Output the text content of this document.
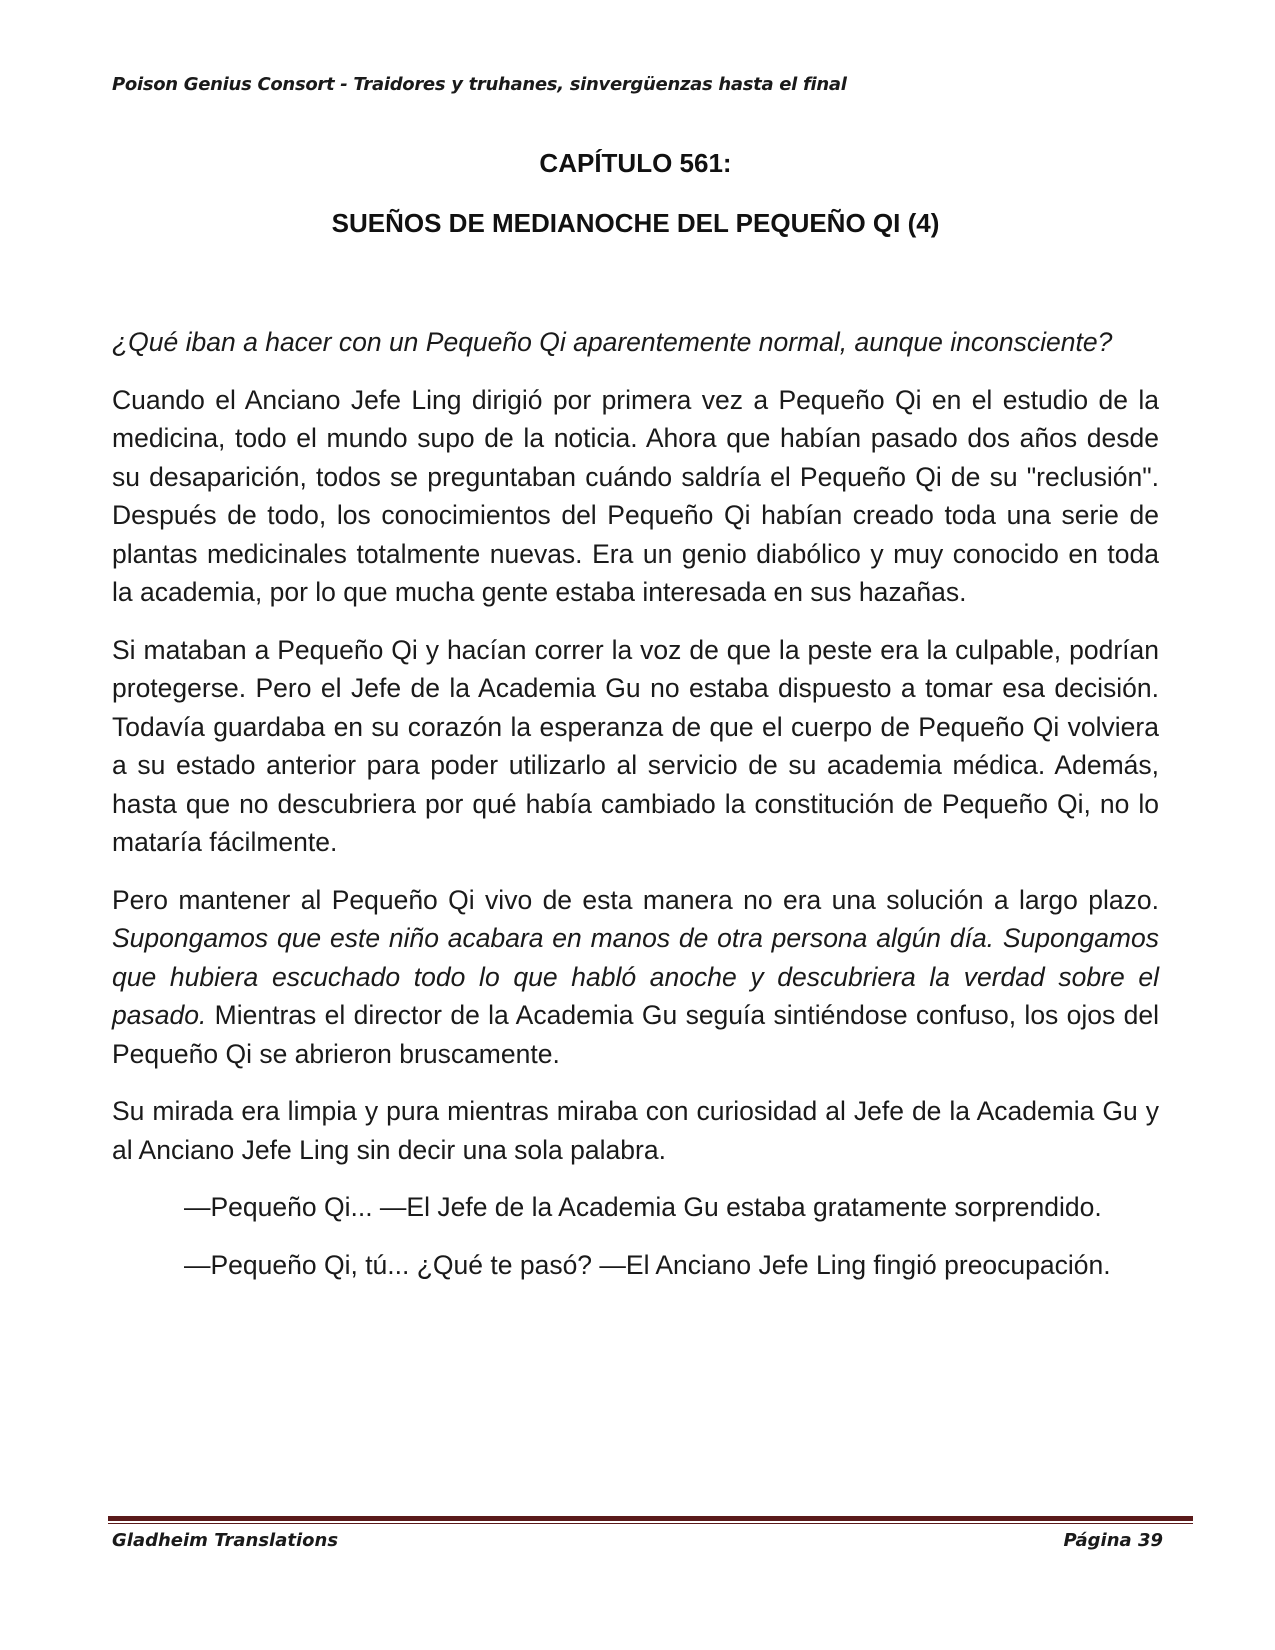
Poison Genius Consort - Traidores y truhanes, sinvergüenzas hasta el final
CAPÍTULO 561:
SUEÑOS DE MEDIANOCHE DEL PEQUEÑO QI (4)

¿Qué iban a hacer con un Pequeño Qi aparentemente normal, aunque inconsciente?

Cuando el Anciano Jefe Ling dirigió por primera vez a Pequeño Qi en el estudio de la medicina, todo el mundo supo de la noticia. Ahora que habían pasado dos años desde su desaparición, todos se preguntaban cuándo saldría el Pequeño Qi de su "reclusión". Después de todo, los conocimientos del Pequeño Qi habían creado toda una serie de plantas medicinales totalmente nuevas. Era un genio diabólico y muy conocido en toda la academia, por lo que mucha gente estaba interesada en sus hazañas.

Si mataban a Pequeño Qi y hacían correr la voz de que la peste era la culpable, podrían protegerse. Pero el Jefe de la Academia Gu no estaba dispuesto a tomar esa decisión. Todavía guardaba en su corazón la esperanza de que el cuerpo de Pequeño Qi volviera a su estado anterior para poder utilizarlo al servicio de su academia médica. Además, hasta que no descubriera por qué había cambiado la constitución de Pequeño Qi, no lo mataría fácilmente.

Pero mantener al Pequeño Qi vivo de esta manera no era una solución a largo plazo. Supongamos que este niño acabara en manos de otra persona algún día. Supongamos que hubiera escuchado todo lo que habló anoche y descubriera la verdad sobre el pasado. Mientras el director de la Academia Gu seguía sintiéndose confuso, los ojos del Pequeño Qi se abrieron bruscamente.

Su mirada era limpia y pura mientras miraba con curiosidad al Jefe de la Academia Gu y al Anciano Jefe Ling sin decir una sola palabra.

—Pequeño Qi... —El Jefe de la Academia Gu estaba gratamente sorprendido.

—Pequeño Qi, tú... ¿Qué te pasó? —El Anciano Jefe Ling fingió preocupación.

Gladheim Translations	Página 39
